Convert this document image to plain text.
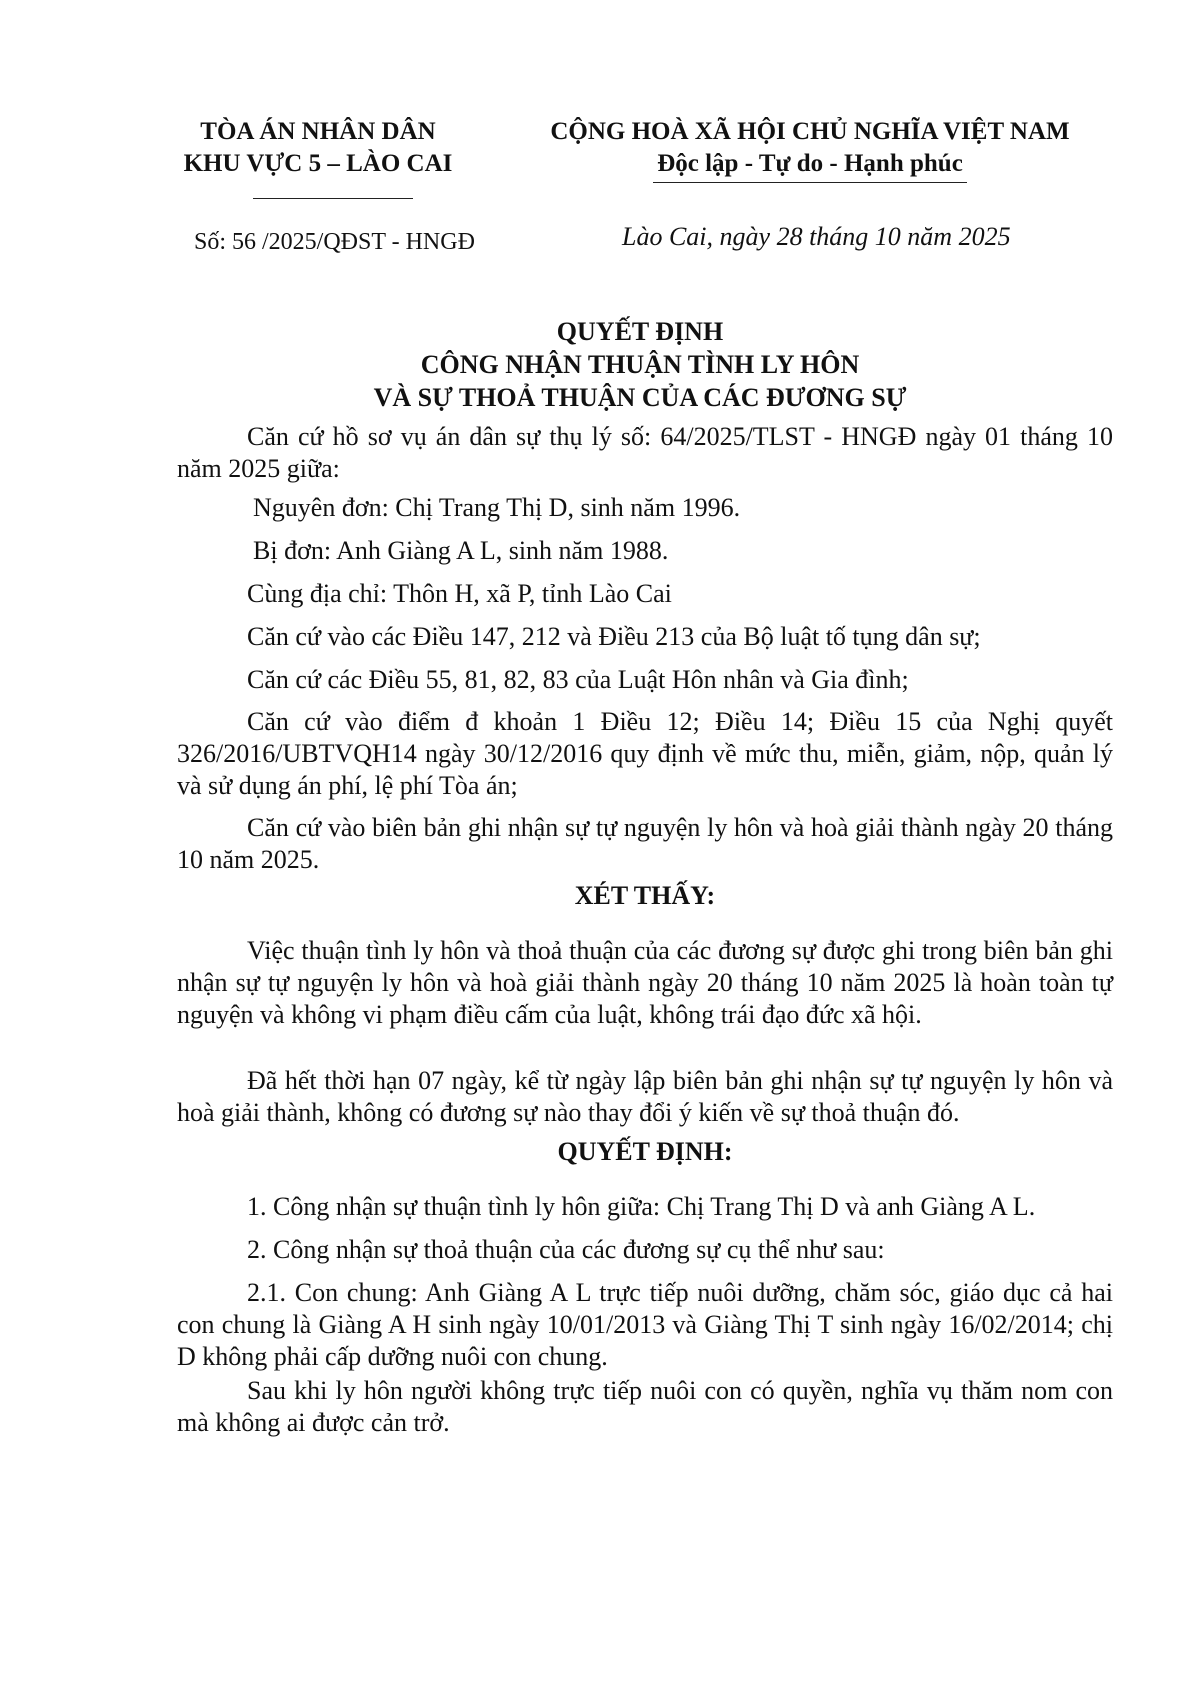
TÒA ÁN NHÂN DÂN
KHU VỰC 5 – LÀO CAI
CỘNG HOÀ XÃ HỘI CHỦ NGHĨA VIỆT NAM
Độc lập - Tự do - Hạnh phúc
Số: 56 /2025/QĐST - HNGĐ	Lào Cai, ngày 28 tháng 10 năm 2025
QUYẾT ĐỊNH
CÔNG NHẬN THUẬN TÌNH LY HÔN
VÀ SỰ THOẢ THUẬN CỦA CÁC ĐƯƠNG SỰ
Căn cứ hồ sơ vụ án dân sự thụ lý số: 64/2025/TLST - HNGĐ ngày 01 tháng 10 năm 2025 giữa:
Nguyên đơn: Chị Trang Thị D, sinh năm 1996.
Bị đơn: Anh Giàng A L, sinh năm 1988.
Cùng địa chỉ: Thôn H, xã P, tỉnh Lào Cai
Căn cứ vào các Điều 147, 212 và Điều 213 của Bộ luật tố tụng dân sự;
Căn cứ các Điều 55, 81, 82, 83 của Luật Hôn nhân và Gia đình;
Căn cứ vào điểm đ khoản 1 Điều 12; Điều 14; Điều 15 của Nghị quyết 326/2016/UBTVQH14 ngày 30/12/2016 quy định về mức thu, miễn, giảm, nộp, quản lý và sử dụng án phí, lệ phí Tòa án;
Căn cứ vào biên bản ghi nhận sự tự nguyện ly hôn và hoà giải thành ngày 20 tháng 10 năm 2025.
XÉT THẤY:
Việc thuận tình ly hôn và thoả thuận của các đương sự được ghi trong biên bản ghi nhận sự tự nguyện ly hôn và hoà giải thành ngày 20 tháng 10 năm 2025 là hoàn toàn tự nguyện và không vi phạm điều cấm của luật, không trái đạo đức xã hội.
Đã hết thời hạn 07 ngày, kể từ ngày lập biên bản ghi nhận sự tự nguyện ly hôn và hoà giải thành, không có đương sự nào thay đổi ý kiến về sự thoả thuận đó.
QUYẾT ĐỊNH:
1. Công nhận sự thuận tình ly hôn giữa: Chị Trang Thị D và anh Giàng A L.
2. Công nhận sự thoả thuận của các đương sự cụ thể như sau:
2.1. Con chung: Anh Giàng A L trực tiếp nuôi dưỡng, chăm sóc, giáo dục cả hai con chung là Giàng A H sinh ngày 10/01/2013 và Giàng Thị T sinh ngày 16/02/2014; chị D không phải cấp dưỡng nuôi con chung.
Sau khi ly hôn người không trực tiếp nuôi con có quyền, nghĩa vụ thăm nom con mà không ai được cản trở.
